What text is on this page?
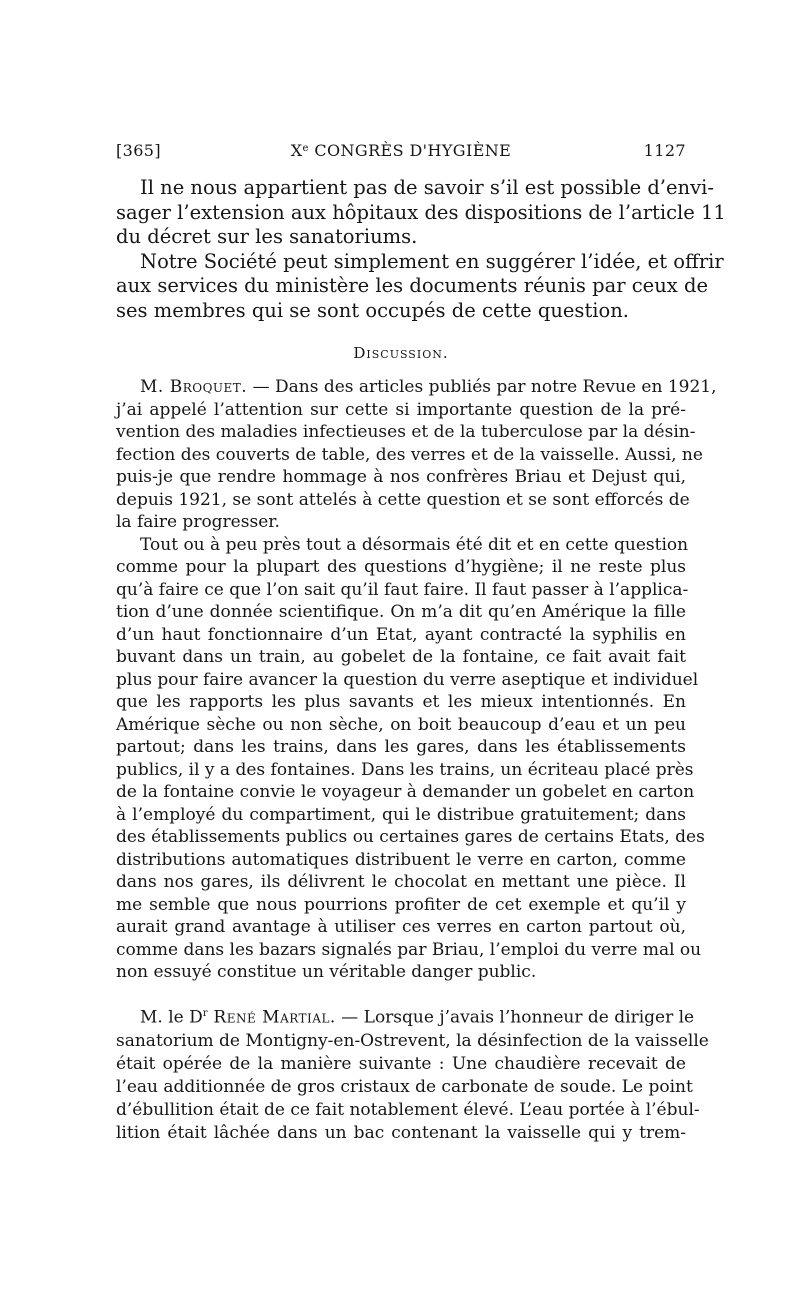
[365]	Xe CONGRÈS D'HYGIÈNE	1127
Il ne nous appartient pas de savoir s’il est possible d’envi-
sager l’extension aux hôpitaux des dispositions de l’article 11
du décret sur les sanatoriums.
Notre Société peut simplement en suggérer l’idée, et offrir
aux services du ministère les documents réunis par ceux de
ses membres qui se sont occupés de cette question.
Discussion.
M. Broquet. — Dans des articles publiés par notre Revue en 1921,
j’ai appelé l’attention sur cette si importante question de la pré-
vention des maladies infectieuses et de la tuberculose par la désin-
fection des couverts de table, des verres et de la vaisselle. Aussi, ne
puis-je que rendre hommage à nos confrères Briau et Dejust qui,
depuis 1921, se sont attelés à cette question et se sont efforcés de
la faire progresser.
Tout ou à peu près tout a désormais été dit et en cette question
comme pour la plupart des questions d’hygiène; il ne reste plus
qu’à faire ce que l’on sait qu’il faut faire. Il faut passer à l’applica-
tion d’une donnée scientifique. On m’a dit qu’en Amérique la fille
d’un haut fonctionnaire d’un Etat, ayant contracté la syphilis en
buvant dans un train, au gobelet de la fontaine, ce fait avait fait
plus pour faire avancer la question du verre aseptique et individuel
que les rapports les plus savants et les mieux intentionnés. En
Amérique sèche ou non sèche, on boit beaucoup d’eau et un peu
partout; dans les trains, dans les gares, dans les établissements
publics, il y a des fontaines. Dans les trains, un écriteau placé près
de la fontaine convie le voyageur à demander un gobelet en carton
à l’employé du compartiment, qui le distribue gratuitement; dans
des établissements publics ou certaines gares de certains Etats, des
distributions automatiques distribuent le verre en carton, comme
dans nos gares, ils délivrent le chocolat en mettant une pièce. Il
me semble que nous pourrions profiter de cet exemple et qu’il y
aurait grand avantage à utiliser ces verres en carton partout où,
comme dans les bazars signalés par Briau, l’emploi du verre mal ou
non essuyé constitue un véritable danger public.
M. le $D^r$ René Martial. — Lorsque j’avais l’honneur de diriger le
sanatorium de Montigny-en-Ostrevent, la désinfection de la vaisselle
était opérée de la manière suivante : Une chaudière recevait de
l’eau additionnée de gros cristaux de carbonate de soude. Le point
d’ébullition était de ce fait notablement élevé. L’eau portée à l’ébul-
lition était lâchée dans un bac contenant la vaisselle qui y trem-
